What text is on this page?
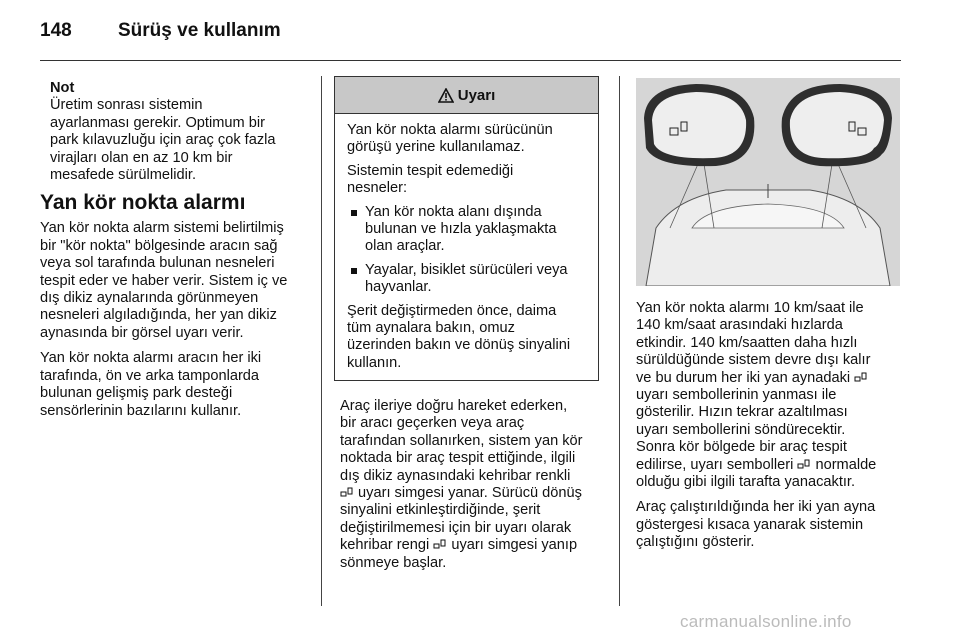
148 Sürüş ve kullanım

Not

Üretim sonrası sistemin

ayarlanması gerekir. Optimum bir

park kılavuzluğu için araç çok fazla

virajları olan en az 10 km bir

mesafede sürülmelidir.

Yan kör nokta alarmı

Yan kör nokta alarm sistemi belirtilmiş

bir "kör nokta" bölgesinde aracın sağ

veya sol tarafında bulunan nesneleri

tespit eder ve haber verir. Sistem iç ve

dış dikiz aynalarında görünmeyen

nesneleri algıladığında, her yan dikiz

aynasında bir görsel uyarı verir.

Yan kör nokta alarmı aracın her iki

tarafında, ön ve arka tamponlarda

bulunan gelişmiş park desteği

sensörlerinin bazılarını kullanır.

Uyarı

Yan kör nokta alarmı sürücünün
görüşü yerine kullanılamaz.

Sistemin tespit edemediği
nesneler:

Yan kör nokta alanı dışında
bulunan ve hızla yaklaşmakta
olan araçlar.
Yayalar, bisiklet sürücüleri veya
hayvanlar.

Şerit değiştirmeden önce, daima
tüm aynalara bakın, omuz
üzerinden bakın ve dönüş sinyalini
kullanın.

Araç ileriye doğru hareket ederken,

bir aracı geçerken veya araç

tarafından sollanırken, sistem yan kör

noktada bir araç tespit ettiğinde, ilgili

dış dikiz aynasındaki kehribar renkli

uyarı simgesi yanar. Sürücü dönüş

sinyalini etkinleştirdiğinde, şerit

değiştirilmemesi için bir uyarı olarak

kehribar rengi  uyarı simgesi yanıp

sönmeye başlar.

Yan kör nokta alarmı 10 km/saat ile

140 km/saat arasındaki hızlarda

etkindir. 140 km/saatten daha hızlı

sürüldüğünde sistem devre dışı kalır

ve bu durum her iki yan aynadaki

uyarı sembollerinin yanması ile

gösterilir. Hızın tekrar azaltılması

uyarı sembollerini söndürecektir.

Sonra kör bölgede bir araç tespit

edilirse, uyarı sembolleri  normalde

olduğu gibi ilgili tarafta yanacaktır.

Araç çalıştırıldığında her iki yan ayna

göstergesi kısaca yanarak sistemin

çalıştığını gösterir.

carmanualsonline.info
